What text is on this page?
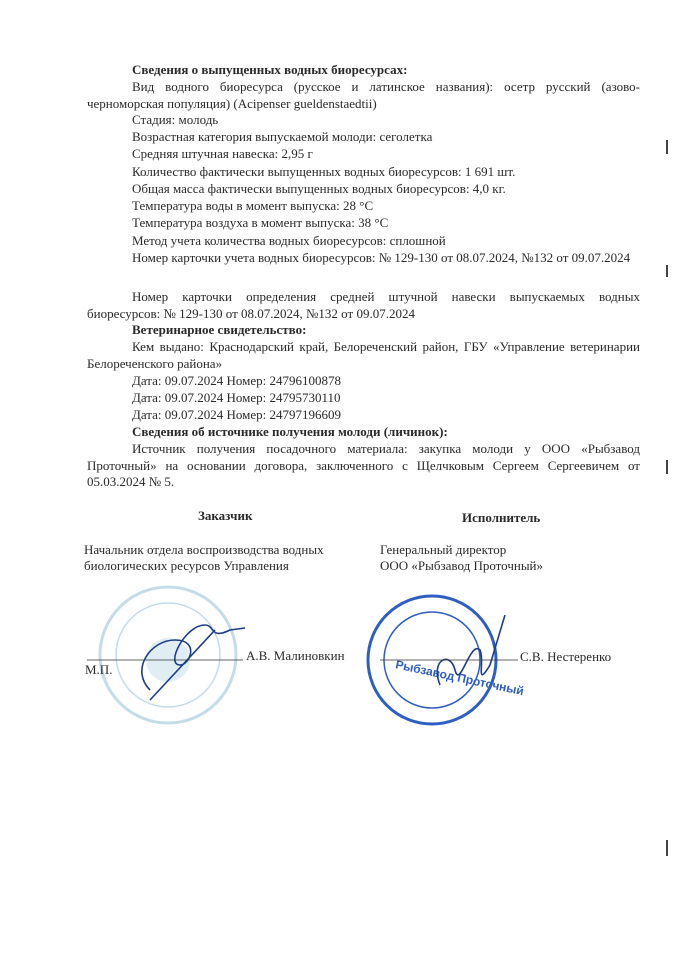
Сведения о выпущенных водных биоресурсах:
Вид водного биоресурса (русское и латинское названия): осетр русский (азово-черноморская популяция) (Acipenser gueldenstaedtii)
Стадия: молодь
Возрастная категория выпускаемой молоди: сеголетка
Средняя штучная навеска: 2,95 г
Количество фактически выпущенных водных биоресурсов: 1 691 шт.
Общая масса фактически выпущенных водных биоресурсов: 4,0 кг.
Температура воды в момент выпуска: 28 °С
Температура воздуха в момент выпуска: 38 °С
Метод учета количества водных биоресурсов: сплошной
Номер карточки учета водных биоресурсов: № 129-130 от 08.07.2024, №132 от 09.07.2024
Номер карточки определения средней штучной навески выпускаемых водных биоресурсов: № 129-130 от 08.07.2024, №132 от 09.07.2024
Ветеринарное свидетельство:
Кем выдано: Краснодарский край, Белореченский район, ГБУ «Управление ветеринарии Белореченского района»
Дата: 09.07.2024 Номер: 24796100878
Дата: 09.07.2024 Номер: 24795730110
Дата: 09.07.2024 Номер: 24797196609
Сведения об источнике получения молоди (личинок):
Источник получения посадочного материала: закупка молоди у ООО «Рыбзавод Проточный» на основании договора, заключенного с Щелчковым Сергеем Сергеевичем от 05.03.2024 № 5.
Заказчик	Исполнитель
Начальник отдела воспроизводства водных
биологических ресурсов Управления
Генеральный директор
ООО «Рыбзавод Проточный»
Рыбзавод Проточный
А.В. Малиновкин
М.П.
С.В. Нестеренко
